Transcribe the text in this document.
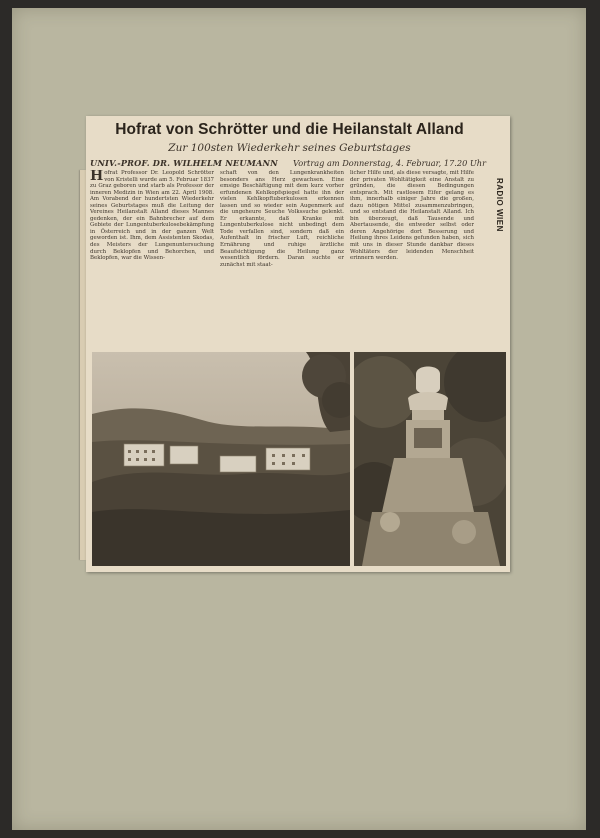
Hofrat von Schrötter und die Heilanstalt Alland
Zur 100sten Wiederkehr seines Geburtstages
UNIV.-PROF. DR. WILHELM NEUMANN Vortrag am Donnerstag, 4. Februar, 17.20 Uhr
Hofrat Professor Dr. Leopold Schrötter von Kristelli wurde am 5. Februar 1837 zu Graz geboren und starb als Professor der inneren Medizin in Wien am 22. April 1908. Am Vorabend der hundertsten Wiederkehr seines Geburtstages muß die Leitung der Vereines Heilanstalt Alland dieses Mannes gedenken, der ein Bahnbrecher auf dem Gebiete der Lungentuberkulosebekämpfung in Österreich und in der ganzen Welt geworden ist. Ihm, dem Assistenten Skodas, des Meisters der Lungenuntersuchung durch Beklopfen und Behorchen, und Beklopfen, war die Wissen-
schaft von den Lungenkrankheiten besonders ans Herz gewachsen. Eine emsige Beschäftigung mit dem kurz vorher erfundenen Kehlkopfspiegel hatte ihn der vielen Kehlkopftuberkulosen erkennen lassen und so wieder sein Augenmerk auf die ungeheure Seuche Volkssuche gelenkt. Er erkannte, daß Kranke mit Lungentuberkulose nicht unbedingt dem Tode verfallen sind, sondern daß ein Aufenthalt in frischer Luft, reichliche Ernährung und ruhige ärztliche Beaufsichtigung die Heilung ganz wesentlich fördern. Daran suchte er zunächst mit staat-
licher Hilfe und, als diese versagte, mit Hilfe der privaten Wohltätigkeit eine Anstalt zu gründen, die diesen Bedingungen entsprach. Mit rastlosem Eifer gelang es ihm, innerhalb einiger Jahre die großen, dazu nötigen Mittel zusammenzubringen, und so entstand die Heilanstalt Alland. Ich bin überzeugt, daß Tausende und Abertausende, die entweder selbst oder deren Angehörige dort Besserung und Heilung ihres Leidens gefunden haben, sich mit uns in dieser Stunde dankbar dieses Wohltäters der leidenden Menschheit erinnern werden.
RADIO WIEN
